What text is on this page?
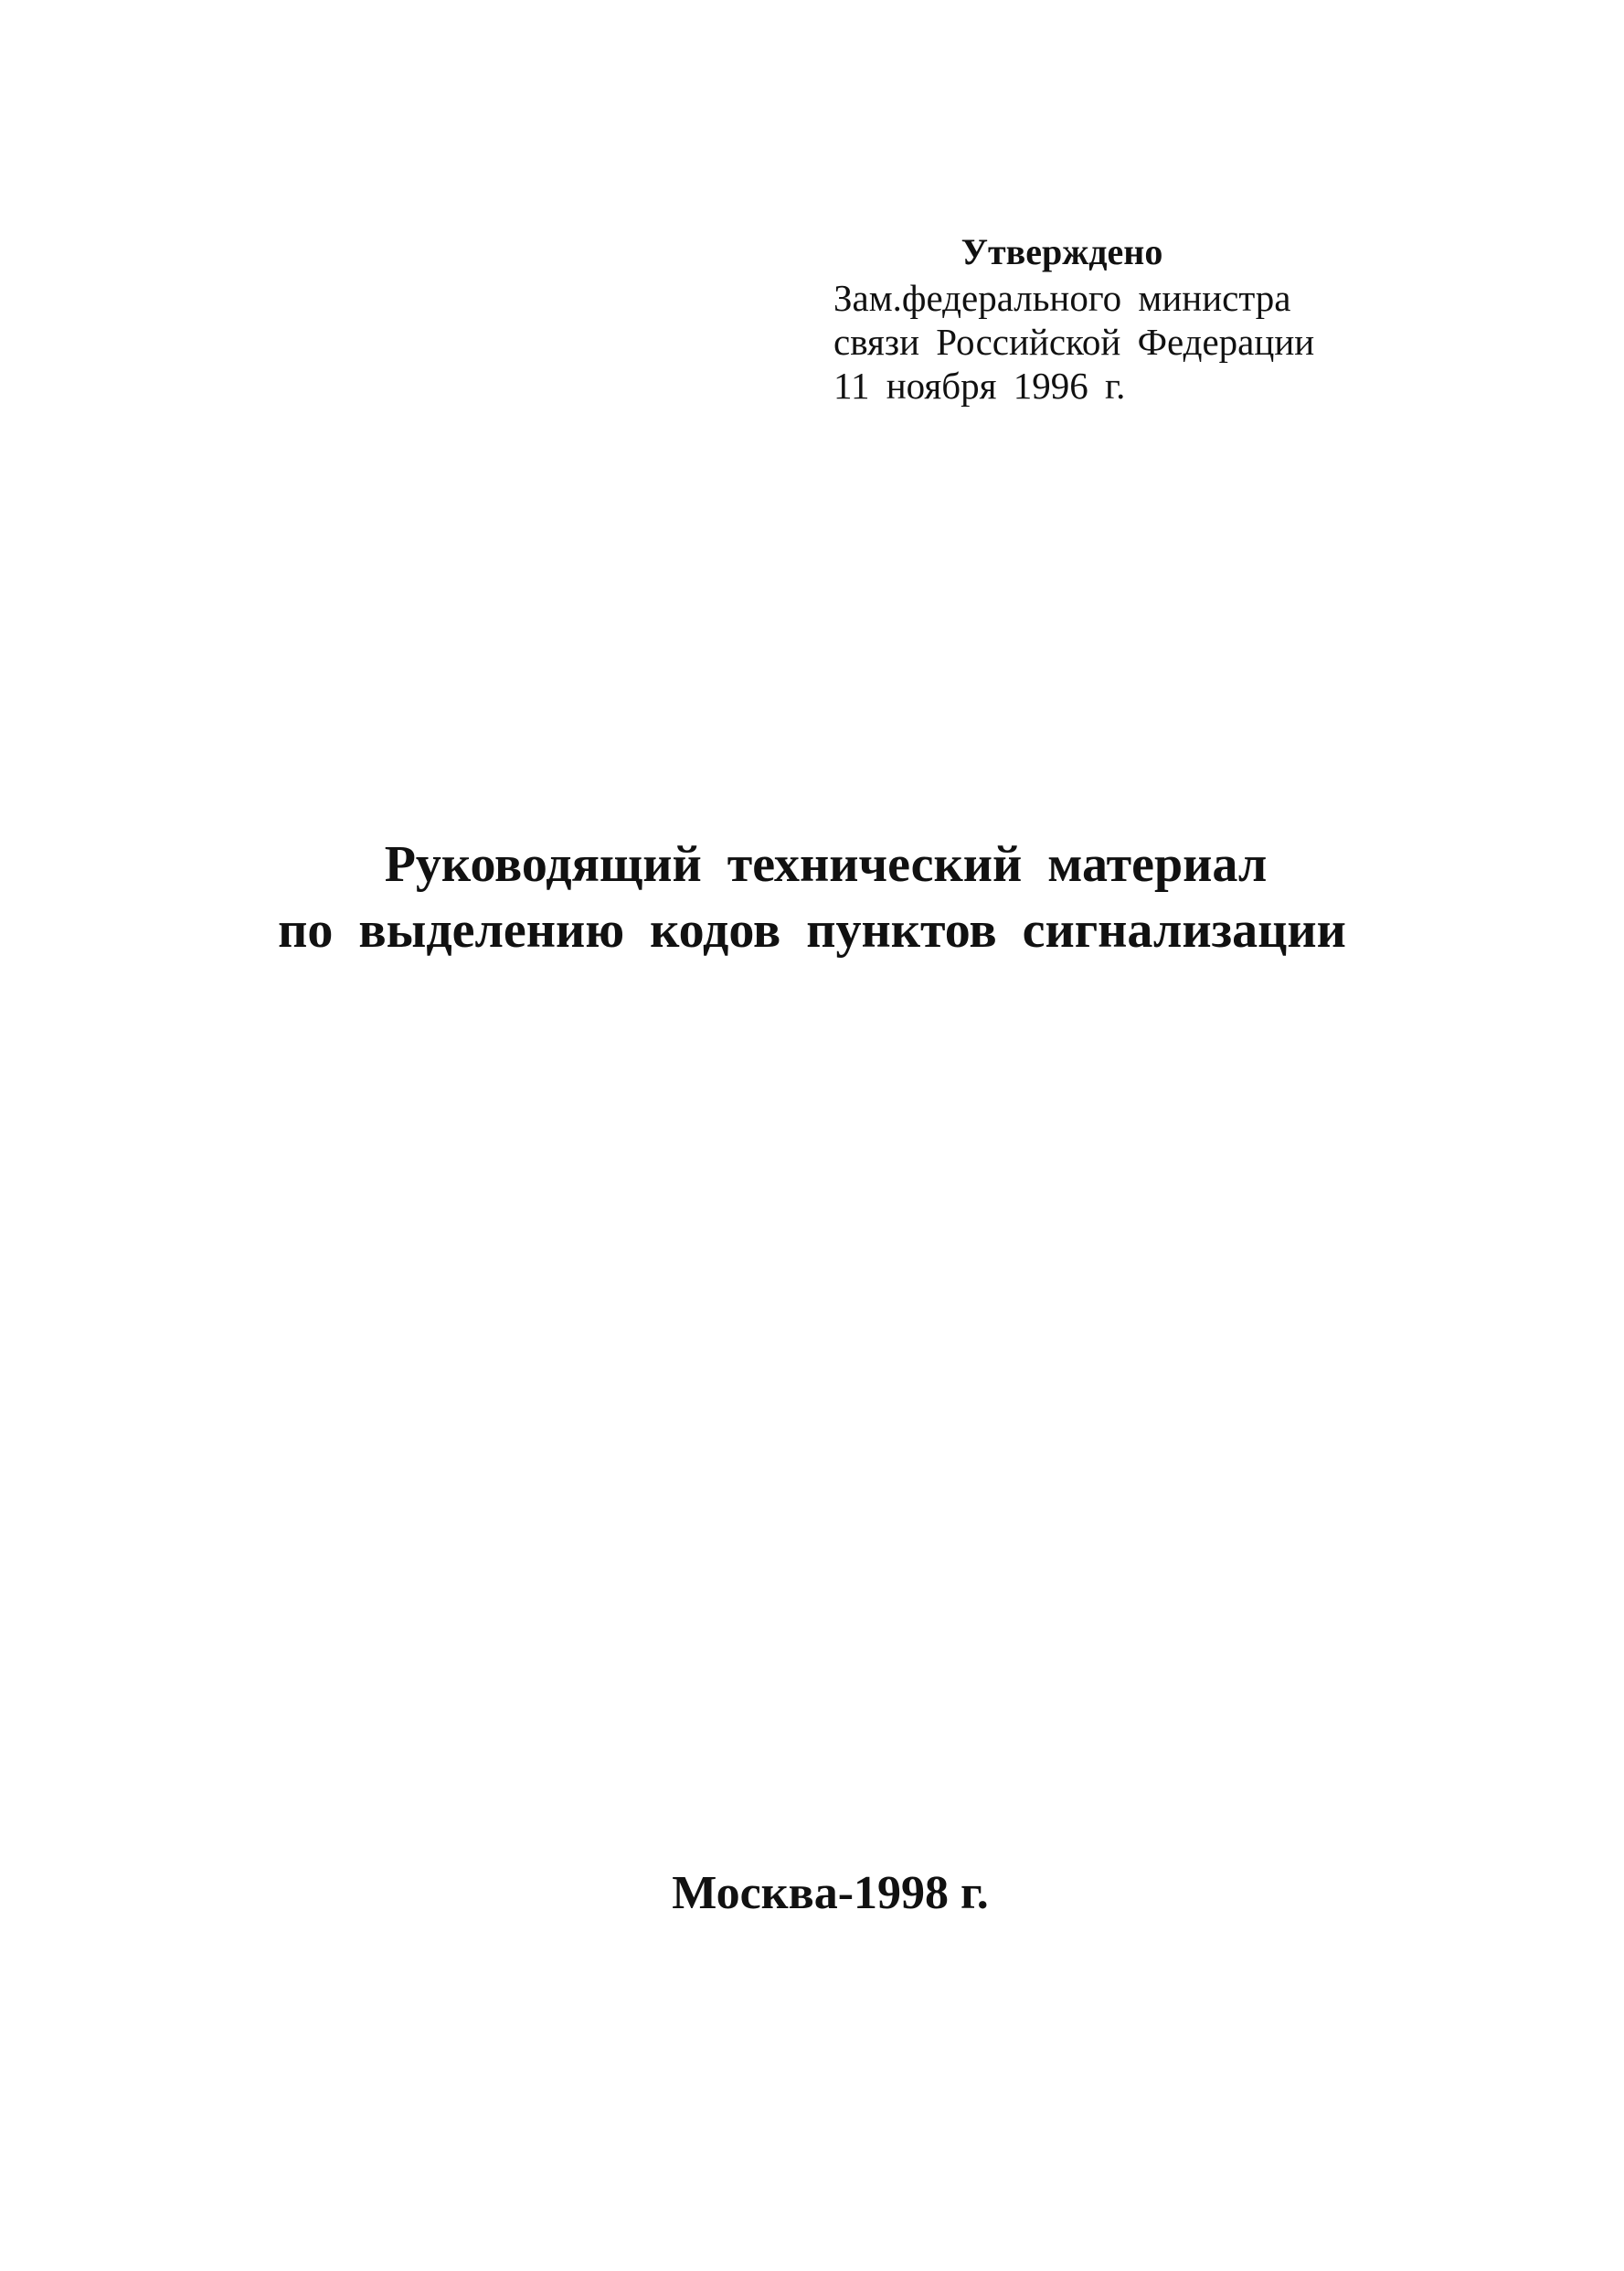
Утверждено
Зам.федерального министра
связи Российской Федерации
11 ноября 1996 г.
Руководящий технический материал
по выделению кодов пунктов сигнализации
Москва-1998 г.
